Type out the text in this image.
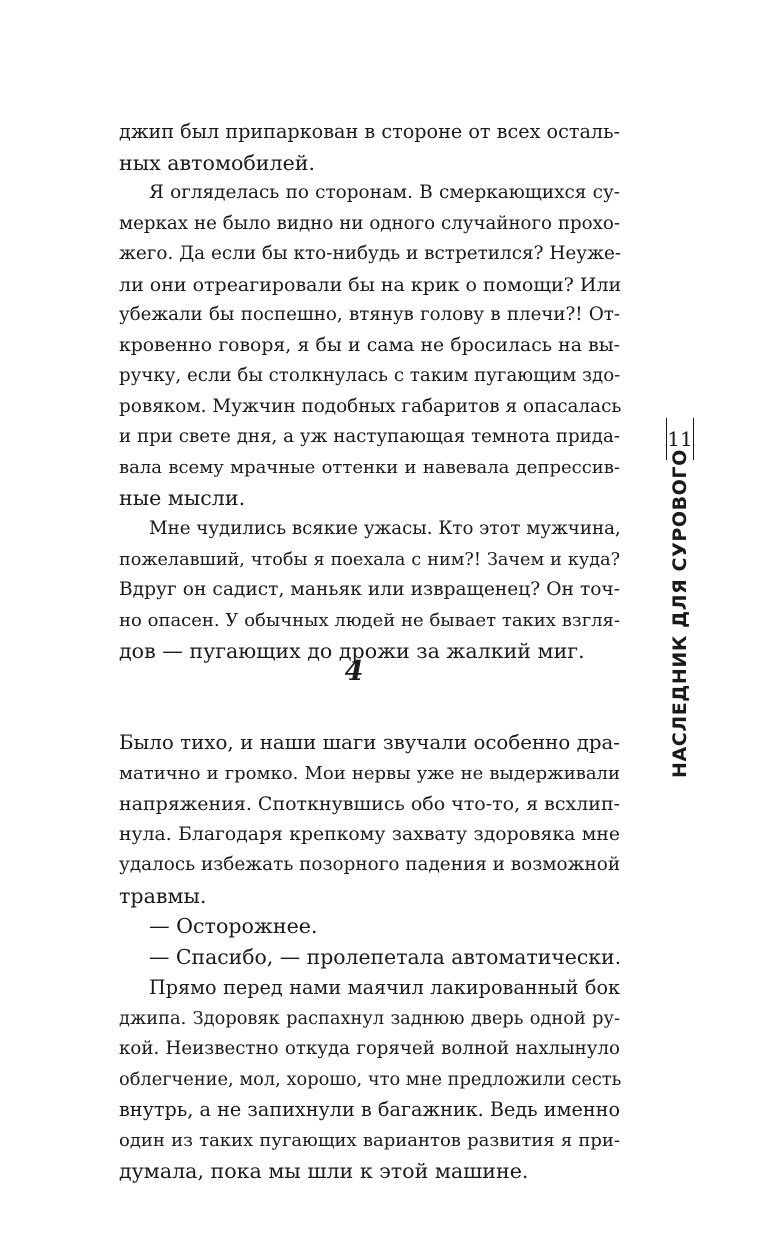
джип был припаркован в стороне от всех осталь-
ных автомобилей.
Я огляделась по сторонам. В смеркающихся су-
мерках не было видно ни одного случайного прохо-
жего. Да если бы кто-нибудь и встретился? Неуже-
ли они отреагировали бы на крик о помощи? Или
убежали бы поспешно, втянув голову в плечи?! От-
кровенно говоря, я бы и сама не бросилась на вы-
ручку, если бы столкнулась с таким пугающим здо-
ровяком. Мужчин подобных габаритов я опасалась
и при свете дня, а уж наступающая темнота прида-
вала всему мрачные оттенки и навевала депрессив-
ные мысли.
Мне чудились всякие ужасы. Кто этот мужчина,
пожелавший, чтобы я поехала с ним?! Зачем и куда?
Вдруг он садист, маньяк или извращенец? Он точ-
но опасен. У обычных людей не бывает таких взгля-
дов — пугающих до дрожи за жалкий миг.
Было тихо, и наши шаги звучали особенно дра-
матично и громко. Мои нервы уже не выдерживали
напряжения. Споткнувшись обо что-то, я всхлип-
нула. Благодаря крепкому захвату здоровяка мне
удалось избежать позорного падения и возможной
травмы.
— Осторожнее.
— Спасибо, — пролепетала автоматически.
Прямо перед нами маячил лакированный бок
джипа. Здоровяк распахнул заднюю дверь одной ру-
кой. Неизвестно откуда горячей волной нахлынуло
облегчение, мол, хорошо, что мне предложили сесть
внутрь, а не запихнули в багажник. Ведь именно
один из таких пугающих вариантов развития я при-
думала, пока мы шли к этой машине.
4
11
НАСЛЕДНИК ДЛЯ СУРОВОГО
